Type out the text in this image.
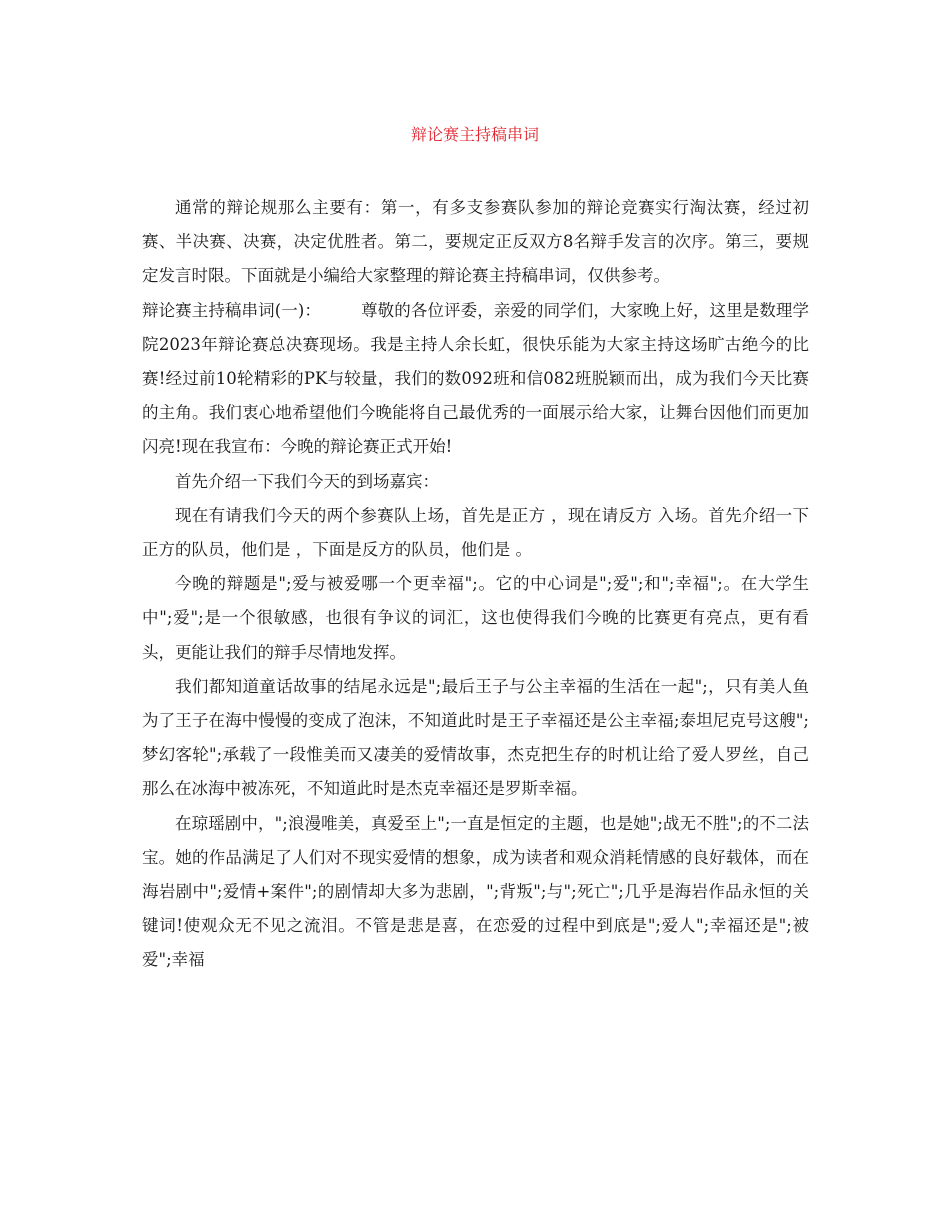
辩论赛主持稿串词

通常的辩论规那么主要有：第一，有多支参赛队参加的辩论竞赛实行淘汰赛，经过初赛、半决赛、决赛，决定优胜者。第二，要规定正反双方8名辩手发言的次序。第三，要规定发言时限。下面就是小编给大家整理的辩论赛主持稿串词，仅供参考。

辩论赛主持稿串词(一)： 尊敬的各位评委，亲爱的同学们，大家晚上好，这里是数理学院2023年辩论赛总决赛现场。我是主持人余长虹，很快乐能为大家主持这场旷古绝今的比赛!经过前10轮精彩的PK与较量，我们的数092班和信082班脱颖而出，成为我们今天比赛的主角。我们衷心地希望他们今晚能将自己最优秀的一面展示给大家，让舞台因他们而更加闪亮!现在我宣布：今晚的辩论赛正式开始!

首先介绍一下我们今天的到场嘉宾：

现在有请我们今天的两个参赛队上场，首先是正方 ，现在请反方 入场。首先介绍一下正方的队员，他们是 ，下面是反方的队员，他们是 。

今晚的辩题是";爱与被爱哪一个更幸福";。它的中心词是";爱";和";幸福";。在大学生中";爱";是一个很敏感，也很有争议的词汇，这也使得我们今晚的比赛更有亮点，更有看头，更能让我们的辩手尽情地发挥。

我们都知道童话故事的结尾永远是";最后王子与公主幸福的生活在一起";，只有美人鱼为了王子在海中慢慢的变成了泡沫，不知道此时是王子幸福还是公主幸福;泰坦尼克号这艘";梦幻客轮";承载了一段惟美而又凄美的爱情故事，杰克把生存的时机让给了爱人罗丝，自己那么在冰海中被冻死，不知道此时是杰克幸福还是罗斯幸福。

在琼瑶剧中，";浪漫唯美，真爱至上";一直是恒定的主题，也是她";战无不胜";的不二法宝。她的作品满足了人们对不现实爱情的想象，成为读者和观众消耗情感的良好载体，而在海岩剧中";爱情+案件";的剧情却大多为悲剧，";背叛";与";死亡";几乎是海岩作品永恒的关键词!使观众无不见之流泪。不管是悲是喜，在恋爱的过程中到底是";爱人";幸福还是";被爱";幸福
